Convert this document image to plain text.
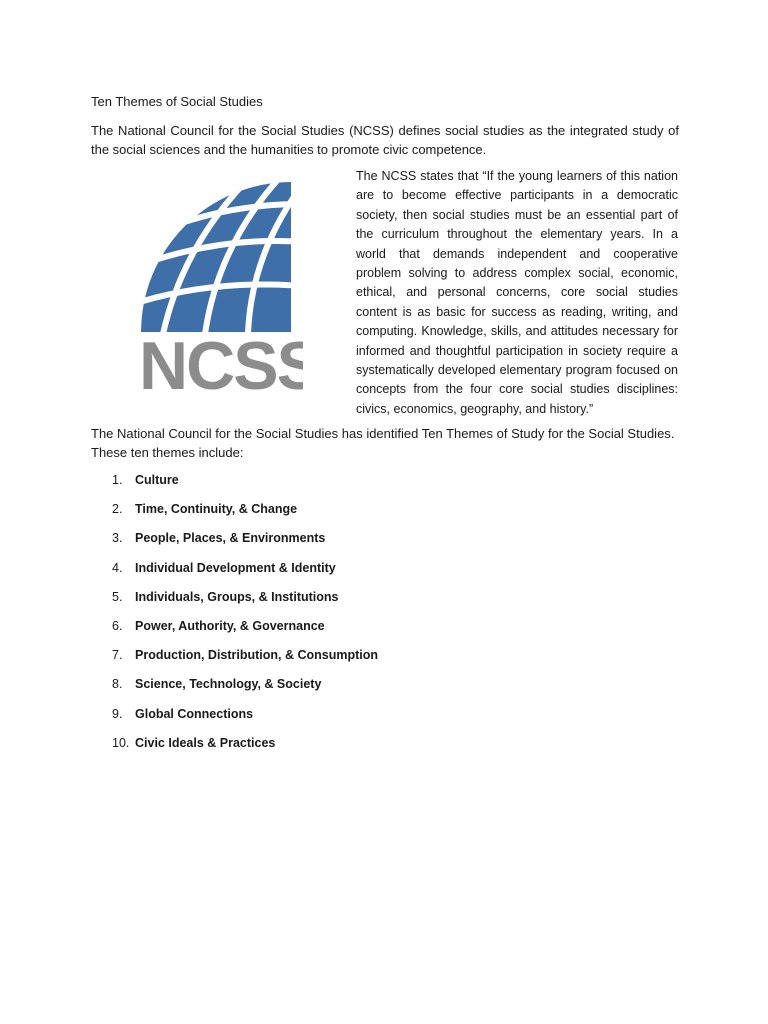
Ten Themes of Social Studies

The National Council for the Social Studies (NCSS) defines social studies as the integrated study of the social sciences and the humanities to promote civic competence.

NCSS

The NCSS states that “If the young learners of this nation are to become effective participants in a democratic society, then social studies must be an essential part of the curriculum throughout the elementary years. In a world that demands independent and cooperative problem solving to address complex social, economic, ethical, and personal concerns, core social studies content is as basic for success as reading, writing, and computing. Knowledge, skills, and attitudes necessary for informed and thoughtful participation in society require a systematically developed elementary program focused on concepts from the four core social studies disciplines: civics, economics, geography, and history.”

The National Council for the Social Studies has identified Ten Themes of Study for the Social Studies. These ten themes include:

1.	Culture
2.	Time, Continuity, & Change
3.	People, Places, & Environments
4.	Individual Development & Identity
5.	Individuals, Groups, & Institutions
6.	Power, Authority, & Governance
7.	Production, Distribution, & Consumption
8.	Science, Technology, & Society
9.	Global Connections
10. Civic Ideals & Practices
